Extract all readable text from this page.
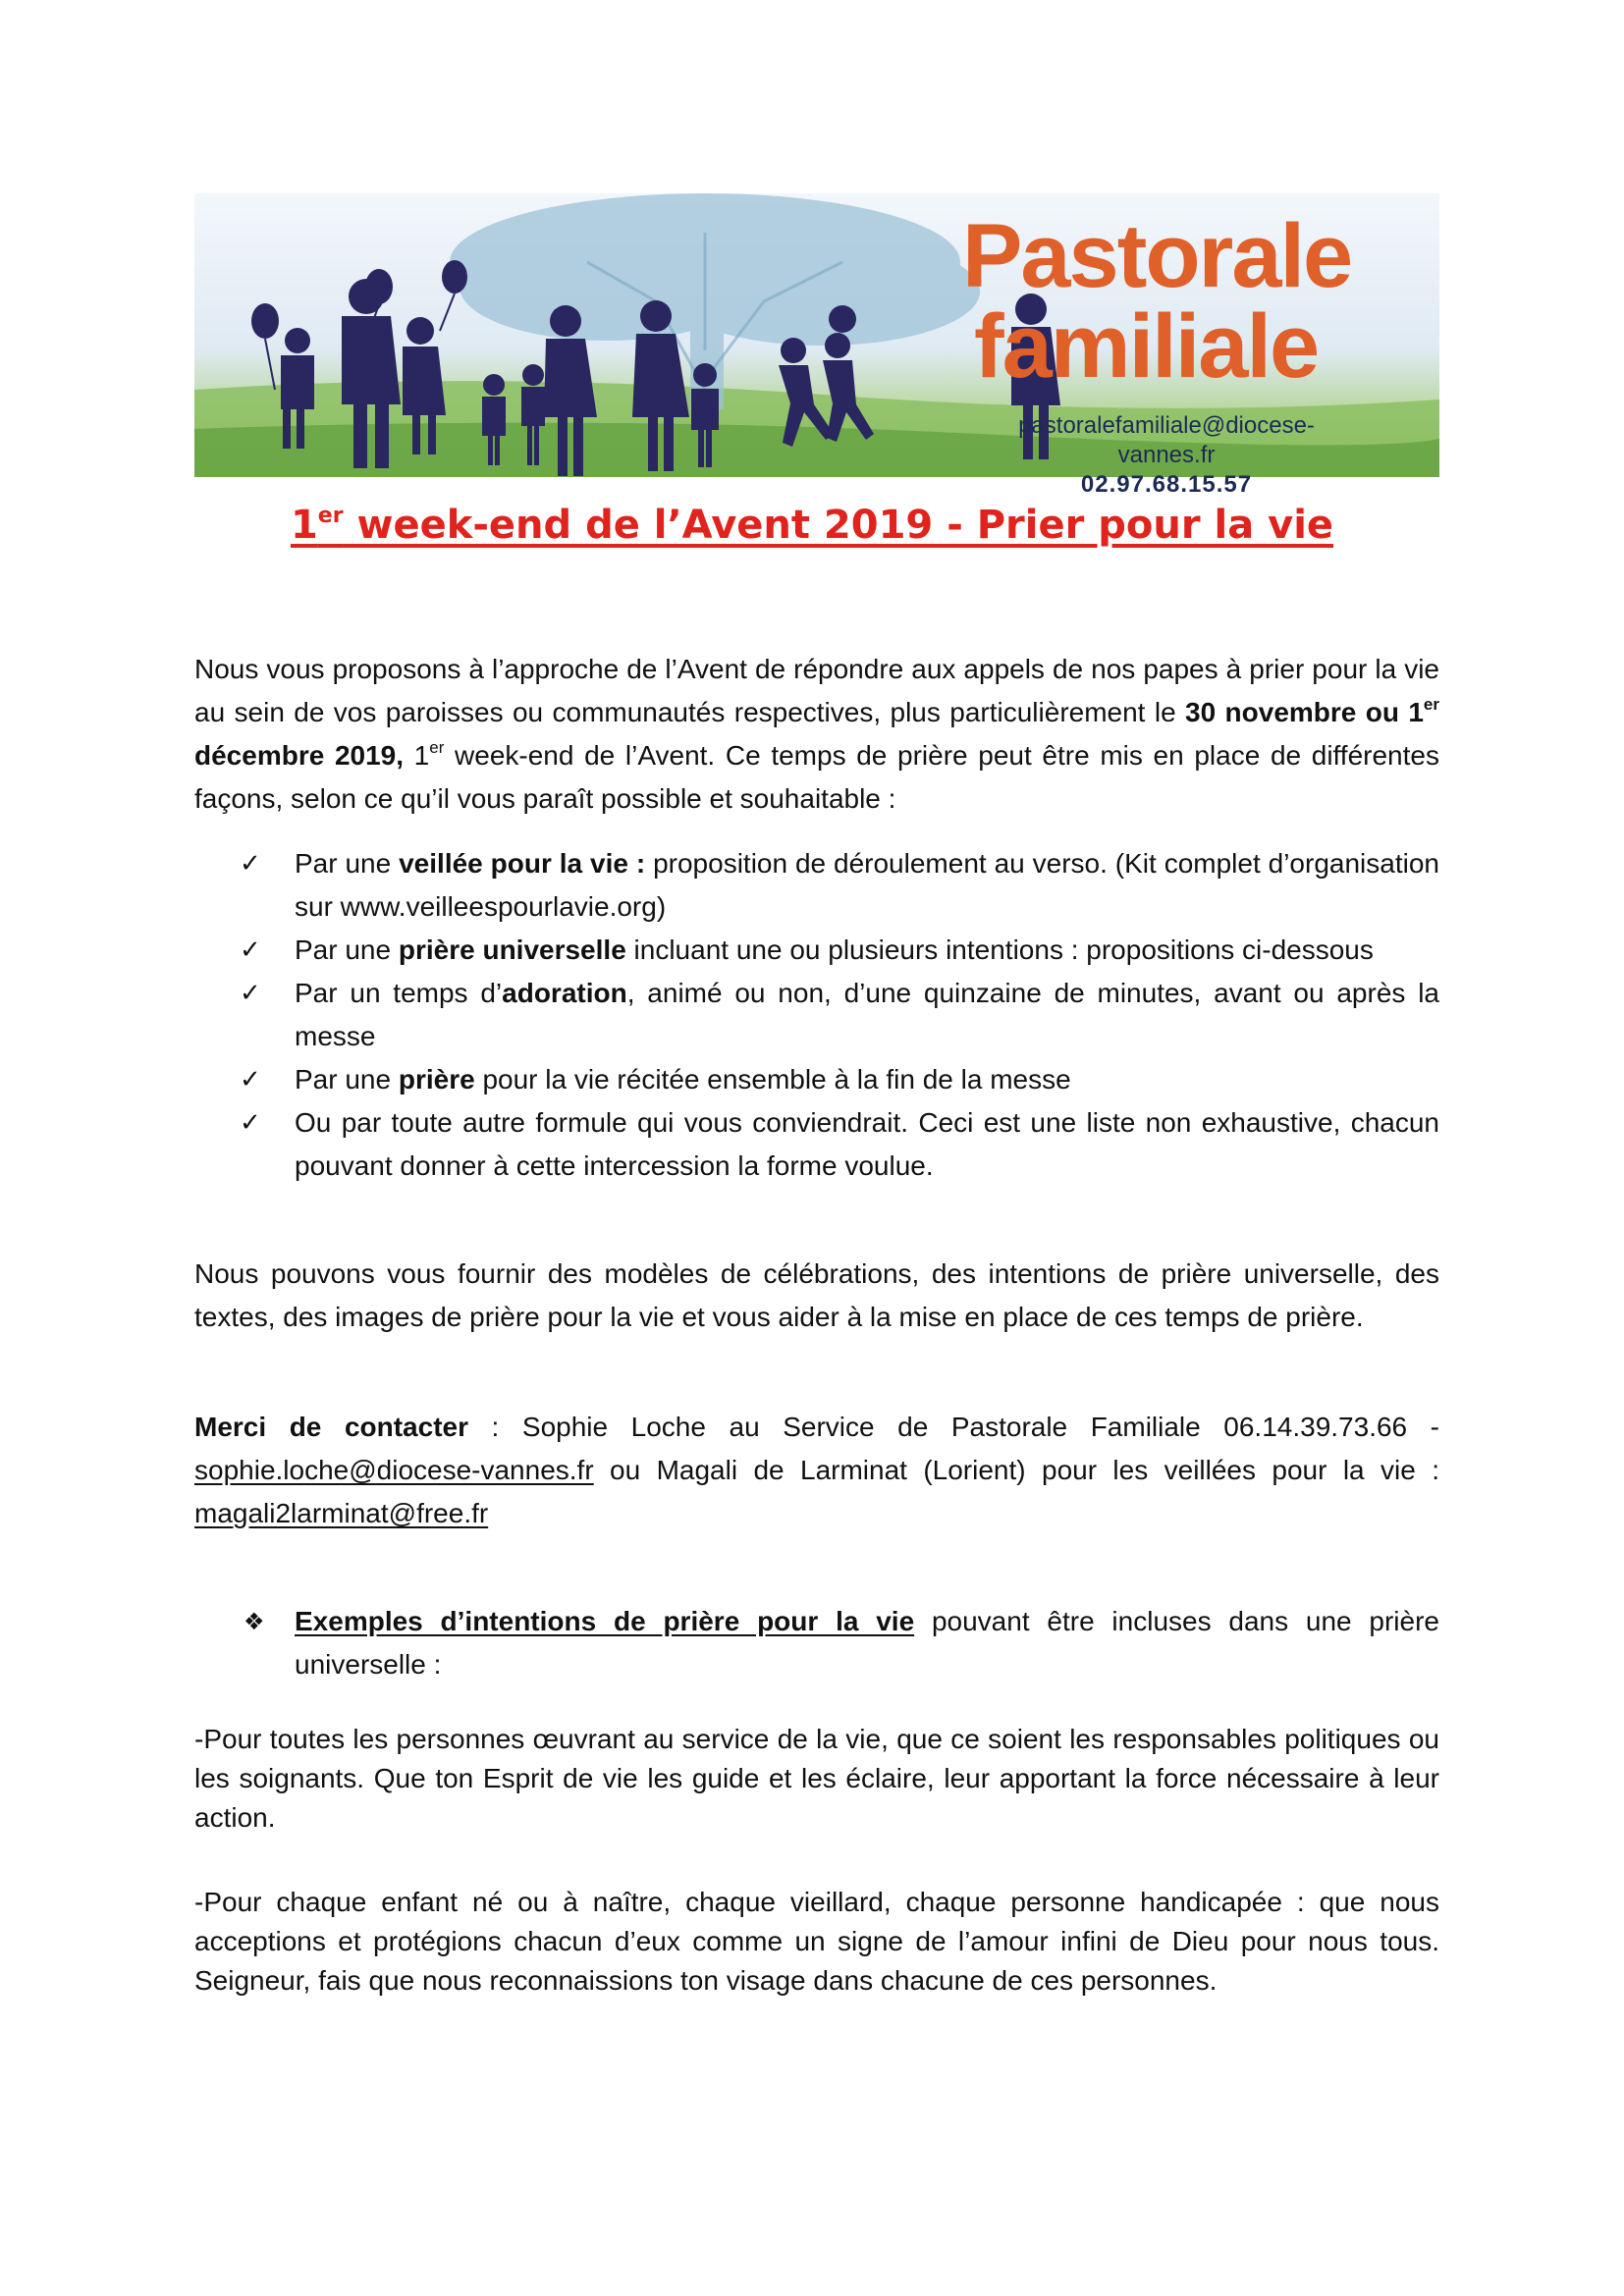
Pastorale
familiale
pastoralefamiliale@diocese-vannes.fr
02.97.68.15.57
1er week-end de l’Avent 2019 - Prier pour la vie

Nous vous proposons à l’approche de l’Avent de répondre aux appels de nos papes à prier pour la vie au sein de vos paroisses ou communautés respectives, plus particulièrement le 30 novembre ou 1er décembre 2019, 1er week-end de l’Avent. Ce temps de prière peut être mis en place de différentes façons, selon ce qu’il vous paraît possible et souhaitable :

✓ Par une veillée pour la vie : proposition de déroulement au verso. (Kit complet d’organisation sur www.veilleespourlavie.org)
✓ Par une prière universelle incluant une ou plusieurs intentions : propositions ci-dessous
✓ Par un temps d’adoration, animé ou non, d’une quinzaine de minutes, avant ou après la messe
✓ Par une prière pour la vie récitée ensemble à la fin de la messe
✓ Ou par toute autre formule qui vous conviendrait. Ceci est une liste non exhaustive, chacun pouvant donner à cette intercession la forme voulue.

Nous pouvons vous fournir des modèles de célébrations, des intentions de prière universelle, des textes, des images de prière pour la vie et vous aider à la mise en place de ces temps de prière.

Merci de contacter : Sophie Loche au Service de Pastorale Familiale 06.14.39.73.66 - sophie.loche@diocese-vannes.fr ou Magali de Larminat (Lorient) pour les veillées pour la vie : magali2larminat@free.fr

❖	Exemples d’intentions de prière pour la vie pouvant être incluses dans une prière universelle :

-Pour toutes les personnes œuvrant au service de la vie, que ce soient les responsables politiques ou les soignants. Que ton Esprit de vie les guide et les éclaire, leur apportant la force nécessaire à leur action.

-Pour chaque enfant né ou à naître, chaque vieillard, chaque personne handicapée : que nous acceptions et protégions chacun d’eux comme un signe de l’amour infini de Dieu pour nous tous. Seigneur, fais que nous reconnaissions ton visage dans chacune de ces personnes.
